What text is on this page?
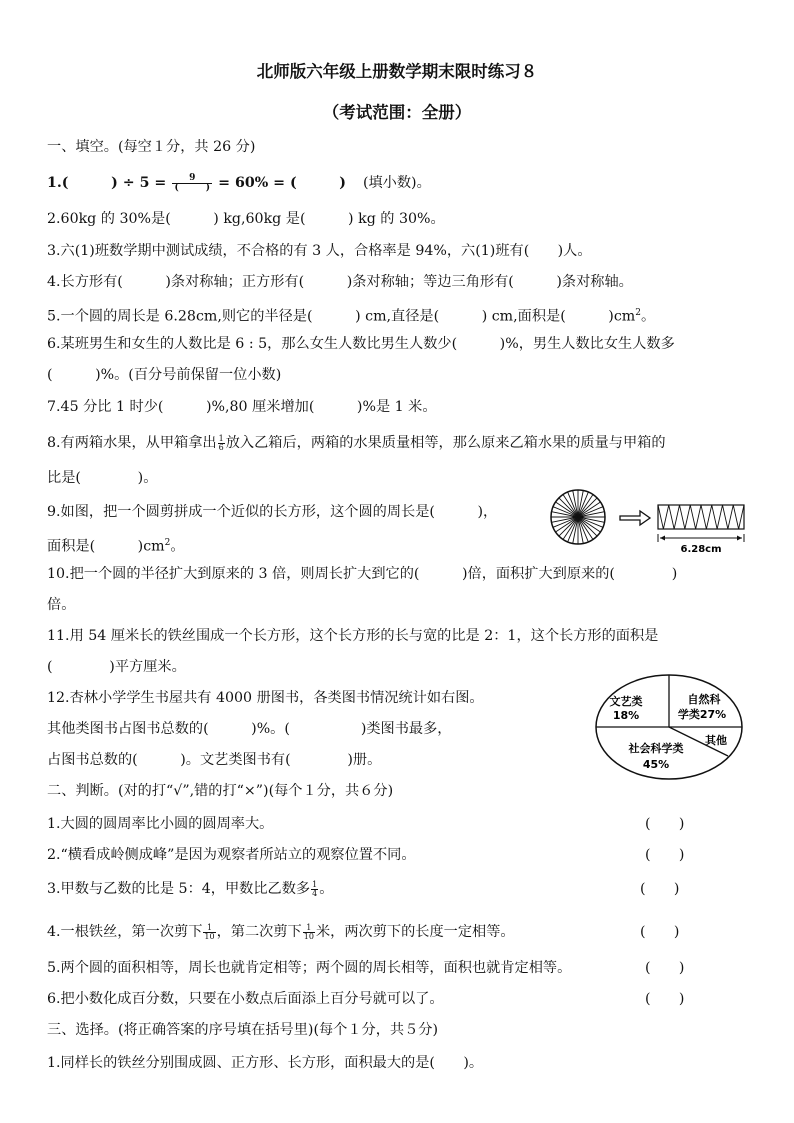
北师版六年级上册数学期末限时练习８
（考试范围：全册）
一、填空。(每空１分，共 26 分)
1.(　　　) ÷ $5 = \frac{9}{( )} = 60\%$ = (　　　) (填小数)。
2.60kg 的 30%是(　　　) kg,60kg 是(　　　) kg 的 30%。
3.六(1)班数学期中测试成绩，不合格的有 3 人，合格率是 94%，六(1)班有(　　)人。
4.长方形有(　　　)条对称轴；正方形有(　　　)条对称轴；等边三角形有(　　　)条对称轴。
5.一个圆的周长是 6.28cm,则它的半径是(　　　) cm,直径是(　　　) cm,面积是(　　　)$cm^2$。
6.某班男生和女生的人数比是 6 : 5，那么女生人数比男生人数少(　　　)%，男生人数比女生人数多
(　　　)%。(百分号前保留一位小数)
7.45 分比 1 时少(　　　)%,80 厘米增加(　　　)%是 1 米。
8.有两箱水果，从甲箱拿出 $\frac{1}{6}$ 放入乙箱后，两箱的水果质量相等，那么原来乙箱水果的质量与甲箱的
比是(　　　　)。
9.如图，把一个圆剪拼成一个近似的长方形，这个圆的周长是(　　　)，
面积是(　　　)$cm^2$。	6.28cm
10.把一个圆的半径扩大到原来的 3 倍，则周长扩大到它的(　　　)倍，面积扩大到原来的(　　　　)
倍。
11.用 54 厘米长的铁丝围成一个长方形，这个长方形的长与宽的比是 2：1，这个长方形的面积是
(　　　　)平方厘米。
12.杏林小学学生书屋共有 4000 册图书，各类图书情况统计如右图。
其他类图书占图书总数的(　　　)%。(　　　　　)类图书最多，
占图书总数的(　　　)。文艺类图书有(　　　　)册。
文艺类
18%
自然科
学类27%
其他
社会科学类
45%
二、判断。(对的打“√”,错的打“×”)(每个１分，共６分)
1.大圆的圆周率比小圆的圆周率大。	(　　)
2.“横看成岭侧成峰”是因为观察者所站立的观察位置不同。	(　　)
3.甲数与乙数的比是 5：4，甲数比乙数多 $\frac{1}{4}$ 。	(　　)
4.一根铁丝，第一次剪下 $\frac{1}{10}$ ，第二次剪下 $\frac{1}{10}$ 米，两次剪下的长度一定相等。	(　　)
5.两个圆的面积相等，周长也就肯定相等；两个圆的周长相等，面积也就肯定相等。	(　　)
6.把小数化成百分数，只要在小数点后面添上百分号就可以了。	(　　)
三、选择。(将正确答案的序号填在括号里)(每个１分，共５分)
1.同样长的铁丝分别围成圆、正方形、长方形，面积最大的是(　　)。
